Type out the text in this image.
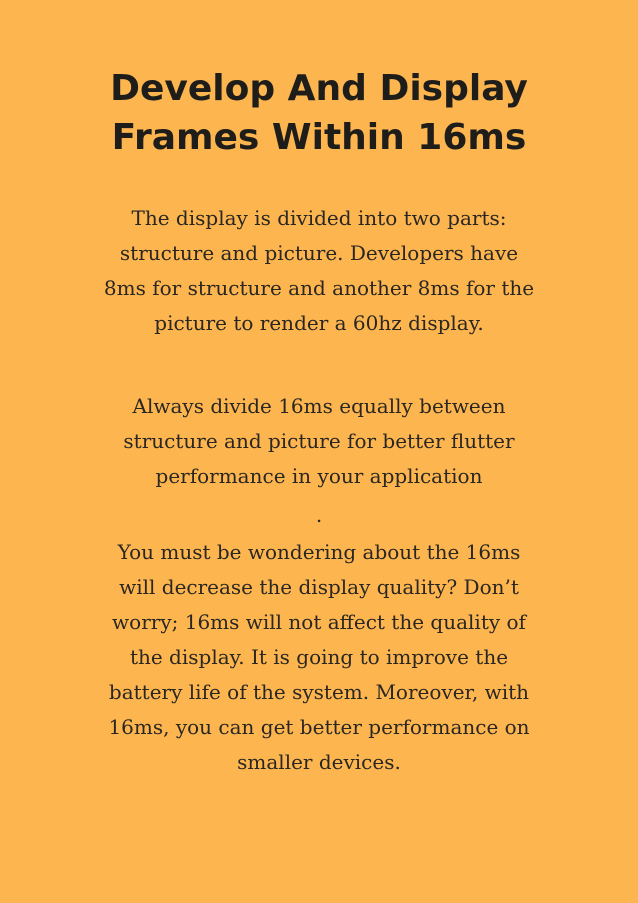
Develop And Display
Frames Within 16ms

The display is divided into two parts:
structure and picture. Developers have
8ms for structure and another 8ms for the
picture to render a 60hz display.

Always divide 16ms equally between
structure and picture for better flutter
performance in your application

.

You must be wondering about the 16ms
will decrease the display quality? Don’t
worry; 16ms will not affect the quality of
the display. It is going to improve the
battery life of the system. Moreover, with
16ms, you can get better performance on
smaller devices.
